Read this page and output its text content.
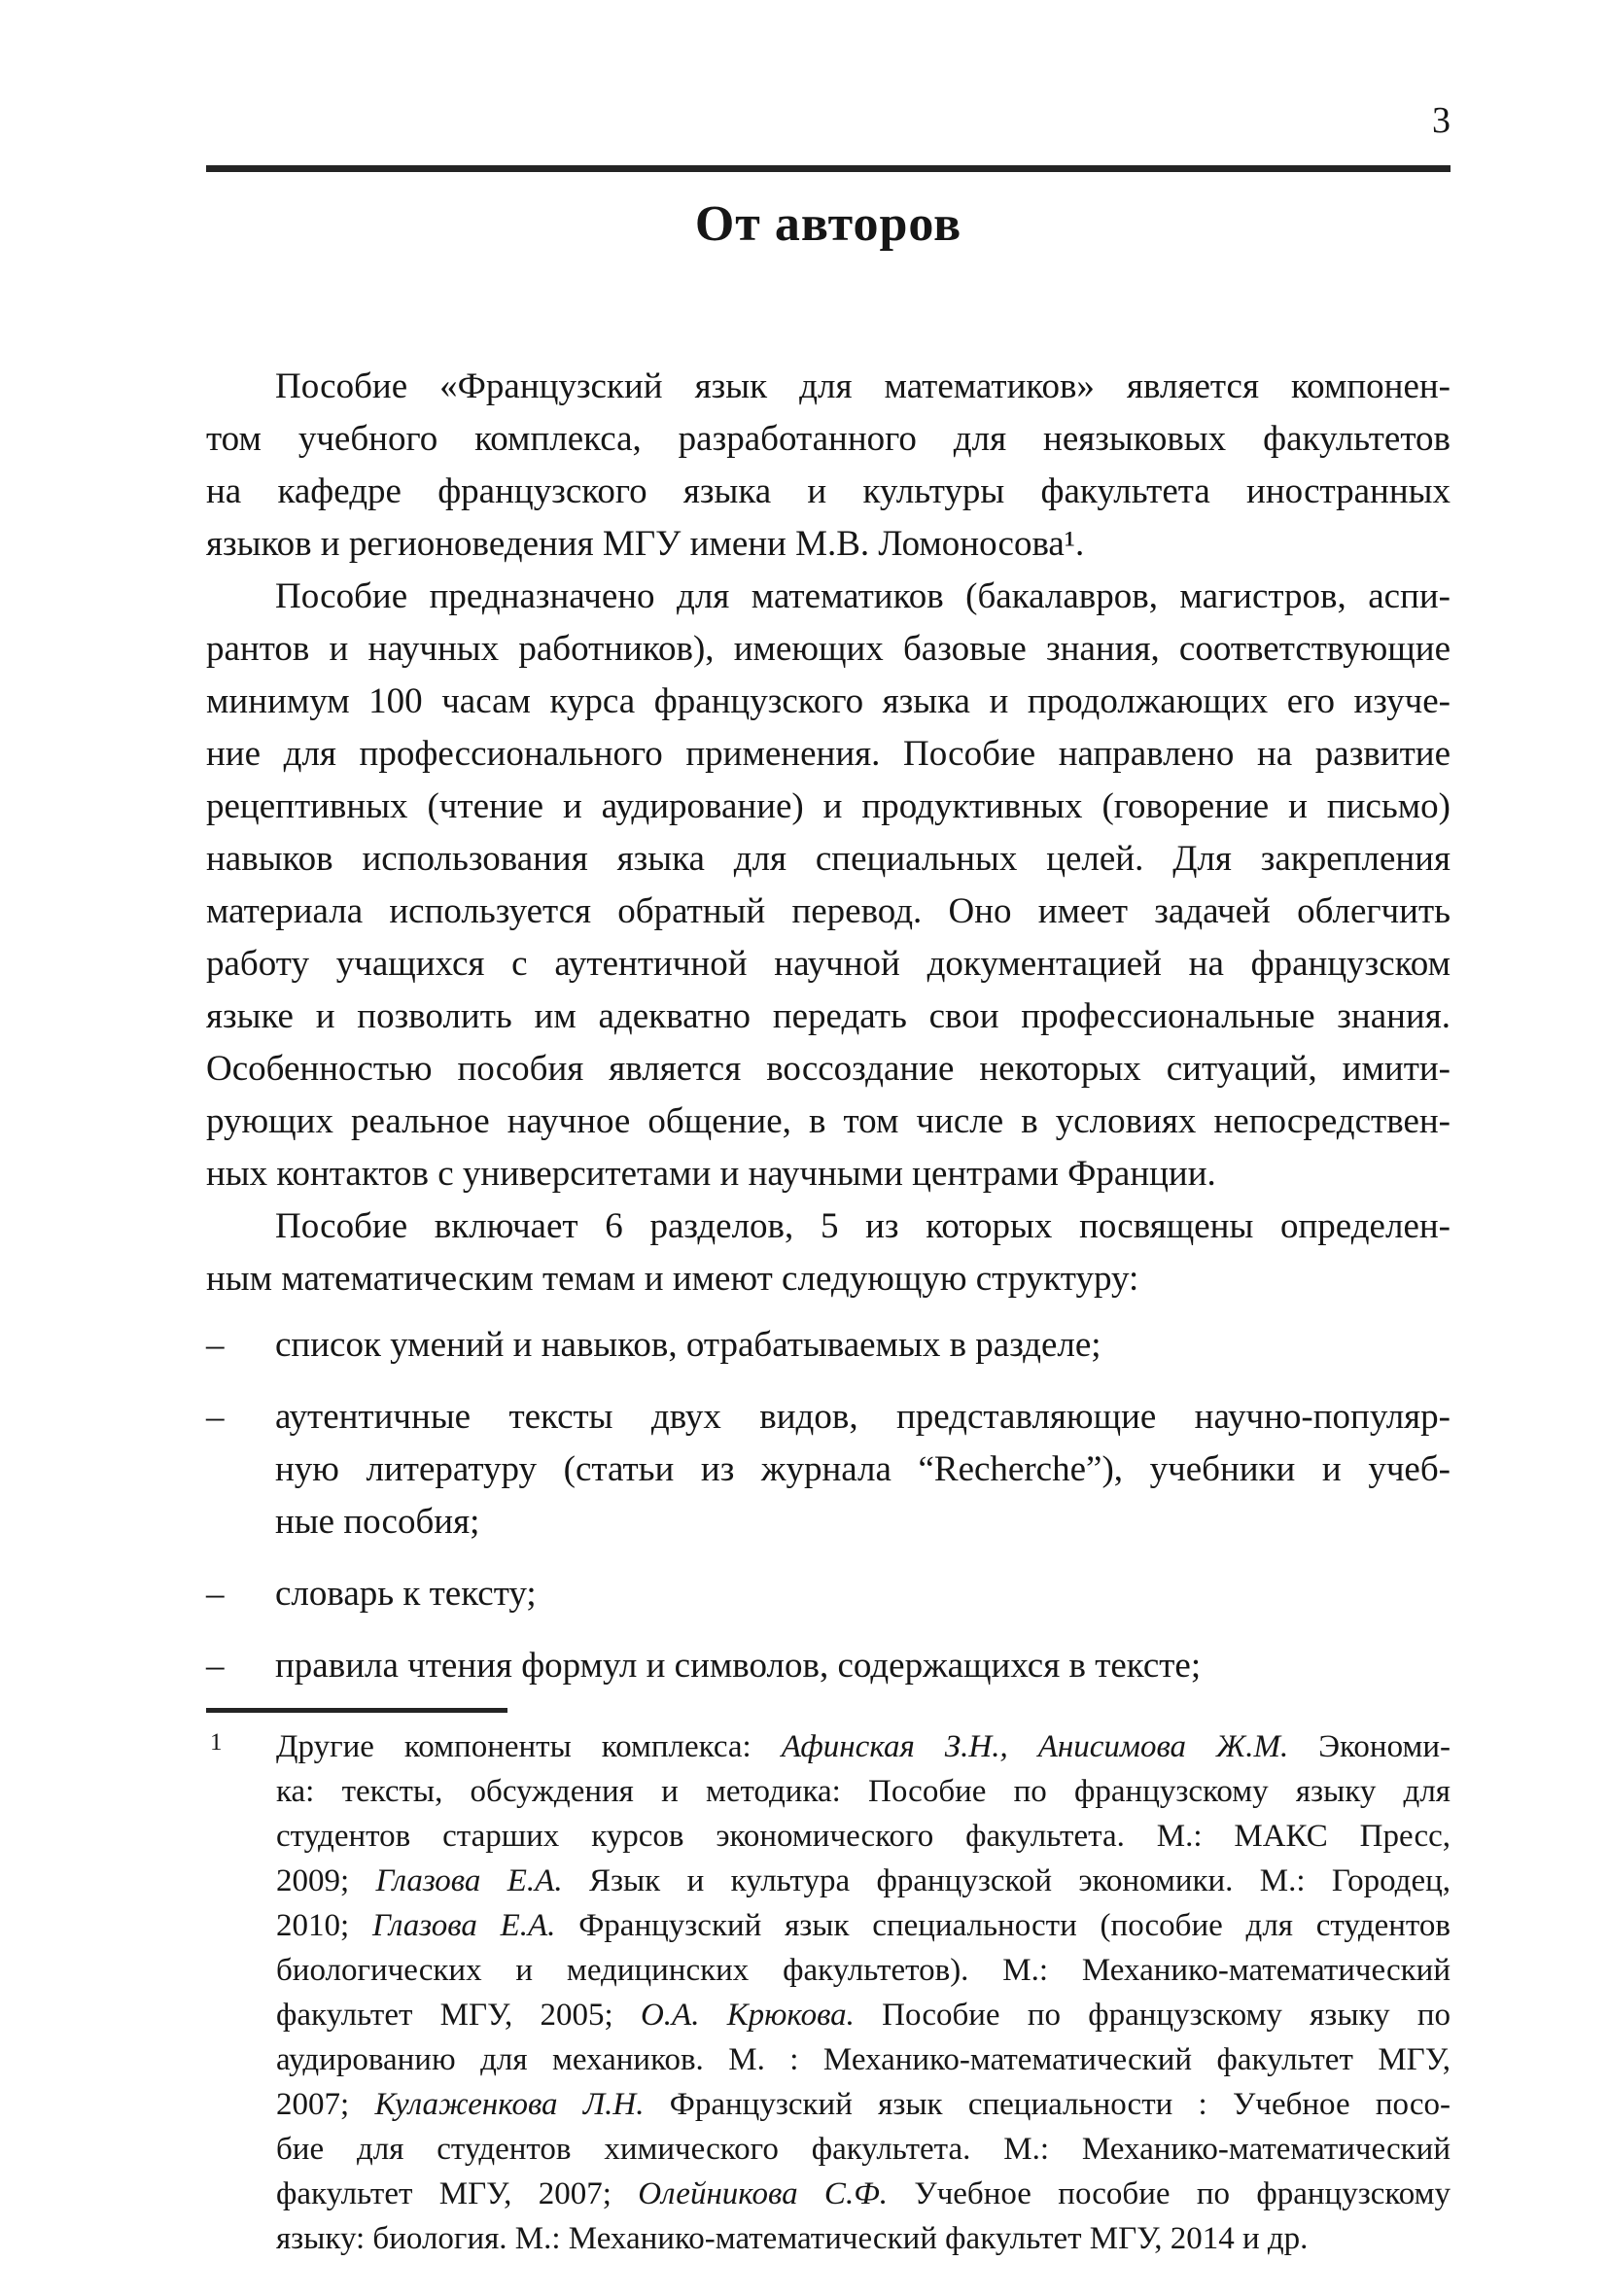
3
От авторов
Пособие «Французский язык для математиков» является компонен-
том учебного комплекса, разработанного для неязыковых факультетов
на кафедре французского языка и культуры факультета иностранных
языков и регионоведения МГУ имени М.В. Ломоносова¹.
Пособие предназначено для математиков (бакалавров, магистров, аспи-
рантов и научных работников), имеющих базовые знания, соответствующие
минимум 100 часам курса французского языка и продолжающих его изуче-
ние для профессионального применения. Пособие направлено на развитие
рецептивных (чтение и аудирование) и продуктивных (говорение и письмо)
навыков использования языка для специальных целей. Для закрепления
материала используется обратный перевод. Оно имеет задачей облегчить
работу учащихся с аутентичной научной документацией на французском
языке и позволить им адекватно передать свои профессиональные знания.
Особенностью пособия является воссоздание некоторых ситуаций, имити-
рующих реальное научное общение, в том числе в условиях непосредствен-
ных контактов с университетами и научными центрами Франции.
Пособие включает 6 разделов, 5 из которых посвящены определен-
ным математическим темам и имеют следующую структуру:
– список умений и навыков, отрабатываемых в разделе;
– аутентичные тексты двух видов, представляющие научно-популяр-
ную литературу (статьи из журнала “Recherche”), учебники и учеб-
ные пособия;
– словарь к тексту;
– правила чтения формул и символов, содержащихся в тексте;
1 Другие компоненты комплекса: Афинская З.Н., Анисимова Ж.М. Экономи-
ка: тексты, обсуждения и методика: Пособие по французскому языку для
студентов старших курсов экономического факультета. М.: МАКС Пресс,
2009; Глазова Е.А. Язык и культура французской экономики. М.: Городец,
2010; Глазова Е.А. Французский язык специальности (пособие для студентов
биологических и медицинских факультетов). М.: Механико-математический
факультет МГУ, 2005; О.А. Крюкова. Пособие по французскому языку по
аудированию для механиков. М. : Механико-математический факультет МГУ,
2007; Кулаженкова Л.Н. Французский язык специальности : Учебное посо-
бие для студентов химического факультета. М.: Механико-математический
факультет МГУ, 2007; Олейникова С.Ф. Учебное пособие по французскому
языку: биология. М.: Механико-математический факультет МГУ, 2014 и др.
